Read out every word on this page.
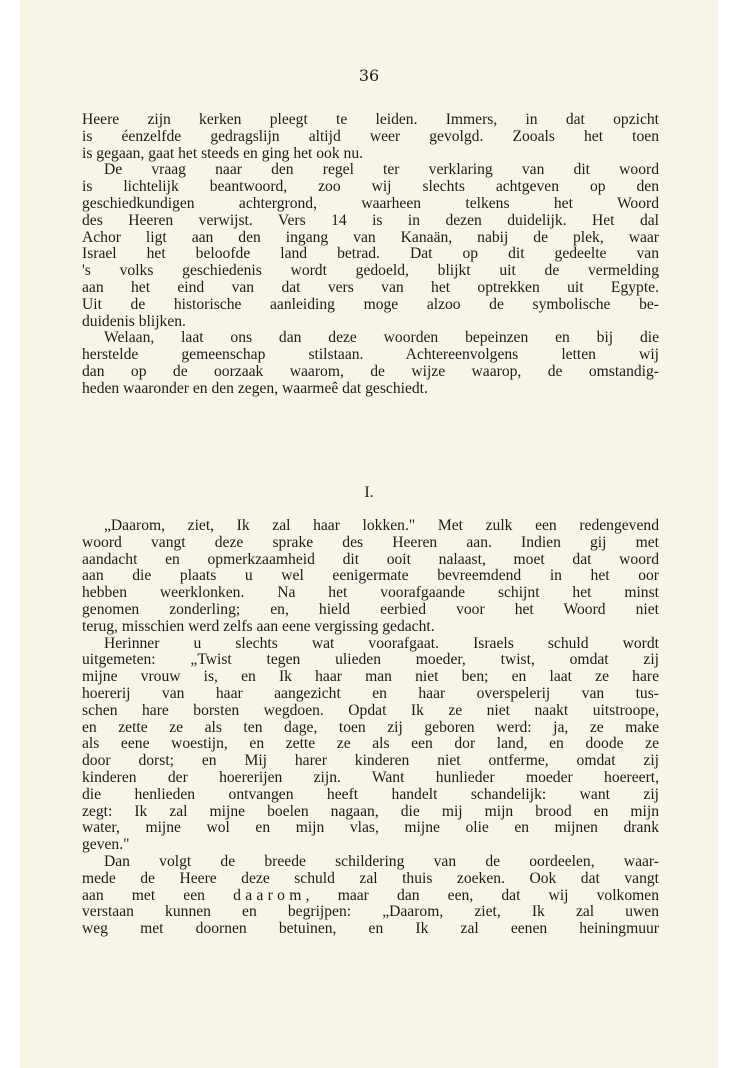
36
Heere zijn kerken pleegt te leiden. Immers, in dat opzicht
is éenzelfde gedragslijn altijd weer gevolgd. Zooals het toen
is gegaan, gaat het steeds en ging het ook nu.
De vraag naar den regel ter verklaring van dit woord
is lichtelijk beantwoord, zoo wij slechts achtgeven op den
geschiedkundigen achtergrond, waarheen telkens het Woord
des Heeren verwijst. Vers 14 is in dezen duidelijk. Het dal
Achor ligt aan den ingang van Kanaän, nabij de plek, waar
Israel het beloofde land betrad. Dat op dit gedeelte van
's volks geschiedenis wordt gedoeld, blijkt uit de vermelding
aan het eind van dat vers van het optrekken uit Egypte.
Uit de historische aanleiding moge alzoo de symbolische be-
duidenis blijken.
Welaan, laat ons dan deze woorden bepeinzen en bij die
herstelde gemeenschap stilstaan. Achtereenvolgens letten wij
dan op de oorzaak waarom, de wijze waarop, de omstandig-
heden waaronder en den zegen, waarmeê dat geschiedt.
I.
„Daarom, ziet, Ik zal haar lokken." Met zulk een redengevend
woord vangt deze sprake des Heeren aan. Indien gij met
aandacht en opmerkzaamheid dit ooit nalaast, moet dat woord
aan die plaats u wel eenigermate bevreemdend in het oor
hebben weerklonken. Na het voorafgaande schijnt het minst
genomen zonderling; en, hield eerbied voor het Woord niet
terug, misschien werd zelfs aan eene vergissing gedacht.
Herinner u slechts wat voorafgaat. Israels schuld wordt
uitgemeten: „Twist tegen ulieden moeder, twist, omdat zij
mijne vrouw is, en Ik haar man niet ben; en laat ze hare
hoererij van haar aangezicht en haar overspelerij van tus-
schen hare borsten wegdoen. Opdat Ik ze niet naakt uitstroope,
en zette ze als ten dage, toen zij geboren werd: ja, ze make
als eene woestijn, en zette ze als een dor land, en doode ze
door dorst; en Mij harer kinderen niet ontferme, omdat zij
kinderen der hoererijen zijn. Want hunlieder moeder hoereert,
die henlieden ontvangen heeft handelt schandelijk: want zij
zegt: Ik zal mijne boelen nagaan, die mij mijn brood en mijn
water, mijne wol en mijn vlas, mijne olie en mijnen drank
geven."
Dan volgt de breede schildering van de oordeelen, waar-
mede de Heere deze schuld zal thuis zoeken. Ook dat vangt
aan met een daarom, maar dan een, dat wij volkomen
verstaan kunnen en begrijpen: „Daarom, ziet, Ik zal uwen
weg met doornen betuinen, en Ik zal eenen heiningmuur
